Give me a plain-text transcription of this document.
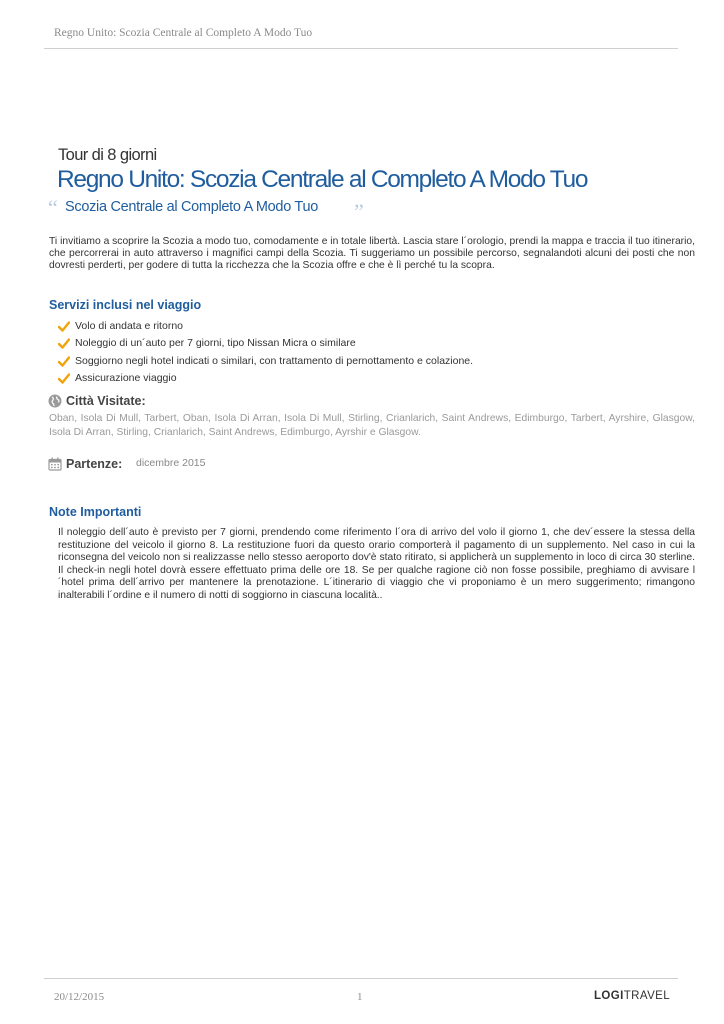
Regno Unito: Scozia Centrale al Completo A Modo Tuo
Tour di 8 giorni
Regno Unito: Scozia Centrale al Completo A Modo Tuo
“ Scozia Centrale al Completo A Modo Tuo ”
Ti invitiamo a scoprire la Scozia a modo tuo, comodamente e in totale libertà. Lascia stare l´orologio, prendi la mappa e traccia il tuo itinerario, che percorrerai in auto attraverso i magnifici campi della Scozia. Ti suggeriamo un possibile percorso, segnalandoti alcuni dei posti che non dovresti perderti, per godere di tutta la ricchezza che la Scozia offre e che è lì perché tu la scopra.
Servizi inclusi nel viaggio
Volo di andata e ritorno
Noleggio di un´auto per 7 giorni, tipo Nissan Micra o similare
Soggiorno negli hotel indicati o similari, con trattamento di pernottamento e colazione.
Assicurazione viaggio
Città Visitate:
Oban, Isola Di Mull, Tarbert, Oban, Isola Di Arran, Isola Di Mull, Stirling, Crianlarich, Saint Andrews, Edimburgo, Tarbert, Ayrshire, Glasgow, Isola Di Arran, Stirling, Crianlarich, Saint Andrews, Edimburgo, Ayrshir e Glasgow.
Partenze: dicembre 2015
Note Importanti
Il noleggio dell´auto è previsto per 7 giorni, prendendo come riferimento l´ora di arrivo del volo il giorno 1, che dev´essere la stessa della restituzione del veicolo il giorno 8. La restituzione fuori da questo orario comporterà il pagamento di un supplemento. Nel caso in cui la riconsegna del veicolo non si realizzasse nello stesso aeroporto dov'è stato ritirato, si applicherà un supplemento in loco di circa 30 sterline. Il check-in negli hotel dovrà essere effettuato prima delle ore 18. Se per qualche ragione ciò non fosse possibile, preghiamo di avvisare l´hotel prima dell´arrivo per mantenere la prenotazione. L´itinerario di viaggio che vi proponiamo è un mero suggerimento; rimangono inalterabili l´ordine e il numero di notti di soggiorno in ciascuna località..
20/12/2015	1	LOGITRAVEL
